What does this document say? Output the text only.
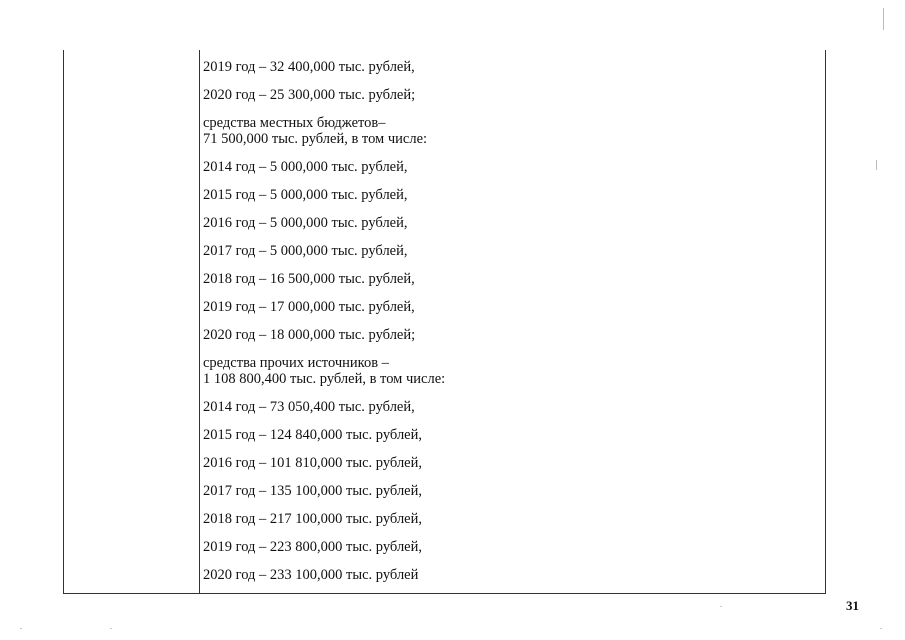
2019 год – 32 400,000 тыс. рублей,
2020 год – 25 300,000 тыс. рублей;
средства местных бюджетов–
71 500,000 тыс. рублей, в том числе:
2014 год – 5 000,000 тыс. рублей,
2015 год – 5 000,000 тыс. рублей,
2016 год – 5 000,000 тыс. рублей,
2017 год – 5 000,000 тыс. рублей,
2018 год – 16 500,000 тыс. рублей,
2019 год – 17 000,000 тыс. рублей,
2020 год – 18 000,000 тыс. рублей;
средства прочих источников –
1 108 800,400 тыс. рублей, в том числе:
2014 год – 73 050,400 тыс. рублей,
2015 год – 124 840,000 тыс. рублей,
2016 год – 101 810,000 тыс. рублей,
2017 год – 135 100,000 тыс. рублей,
2018 год – 217 100,000 тыс. рублей,
2019 год – 223 800,000 тыс. рублей,
2020 год – 233 100,000 тыс. рублей
31
